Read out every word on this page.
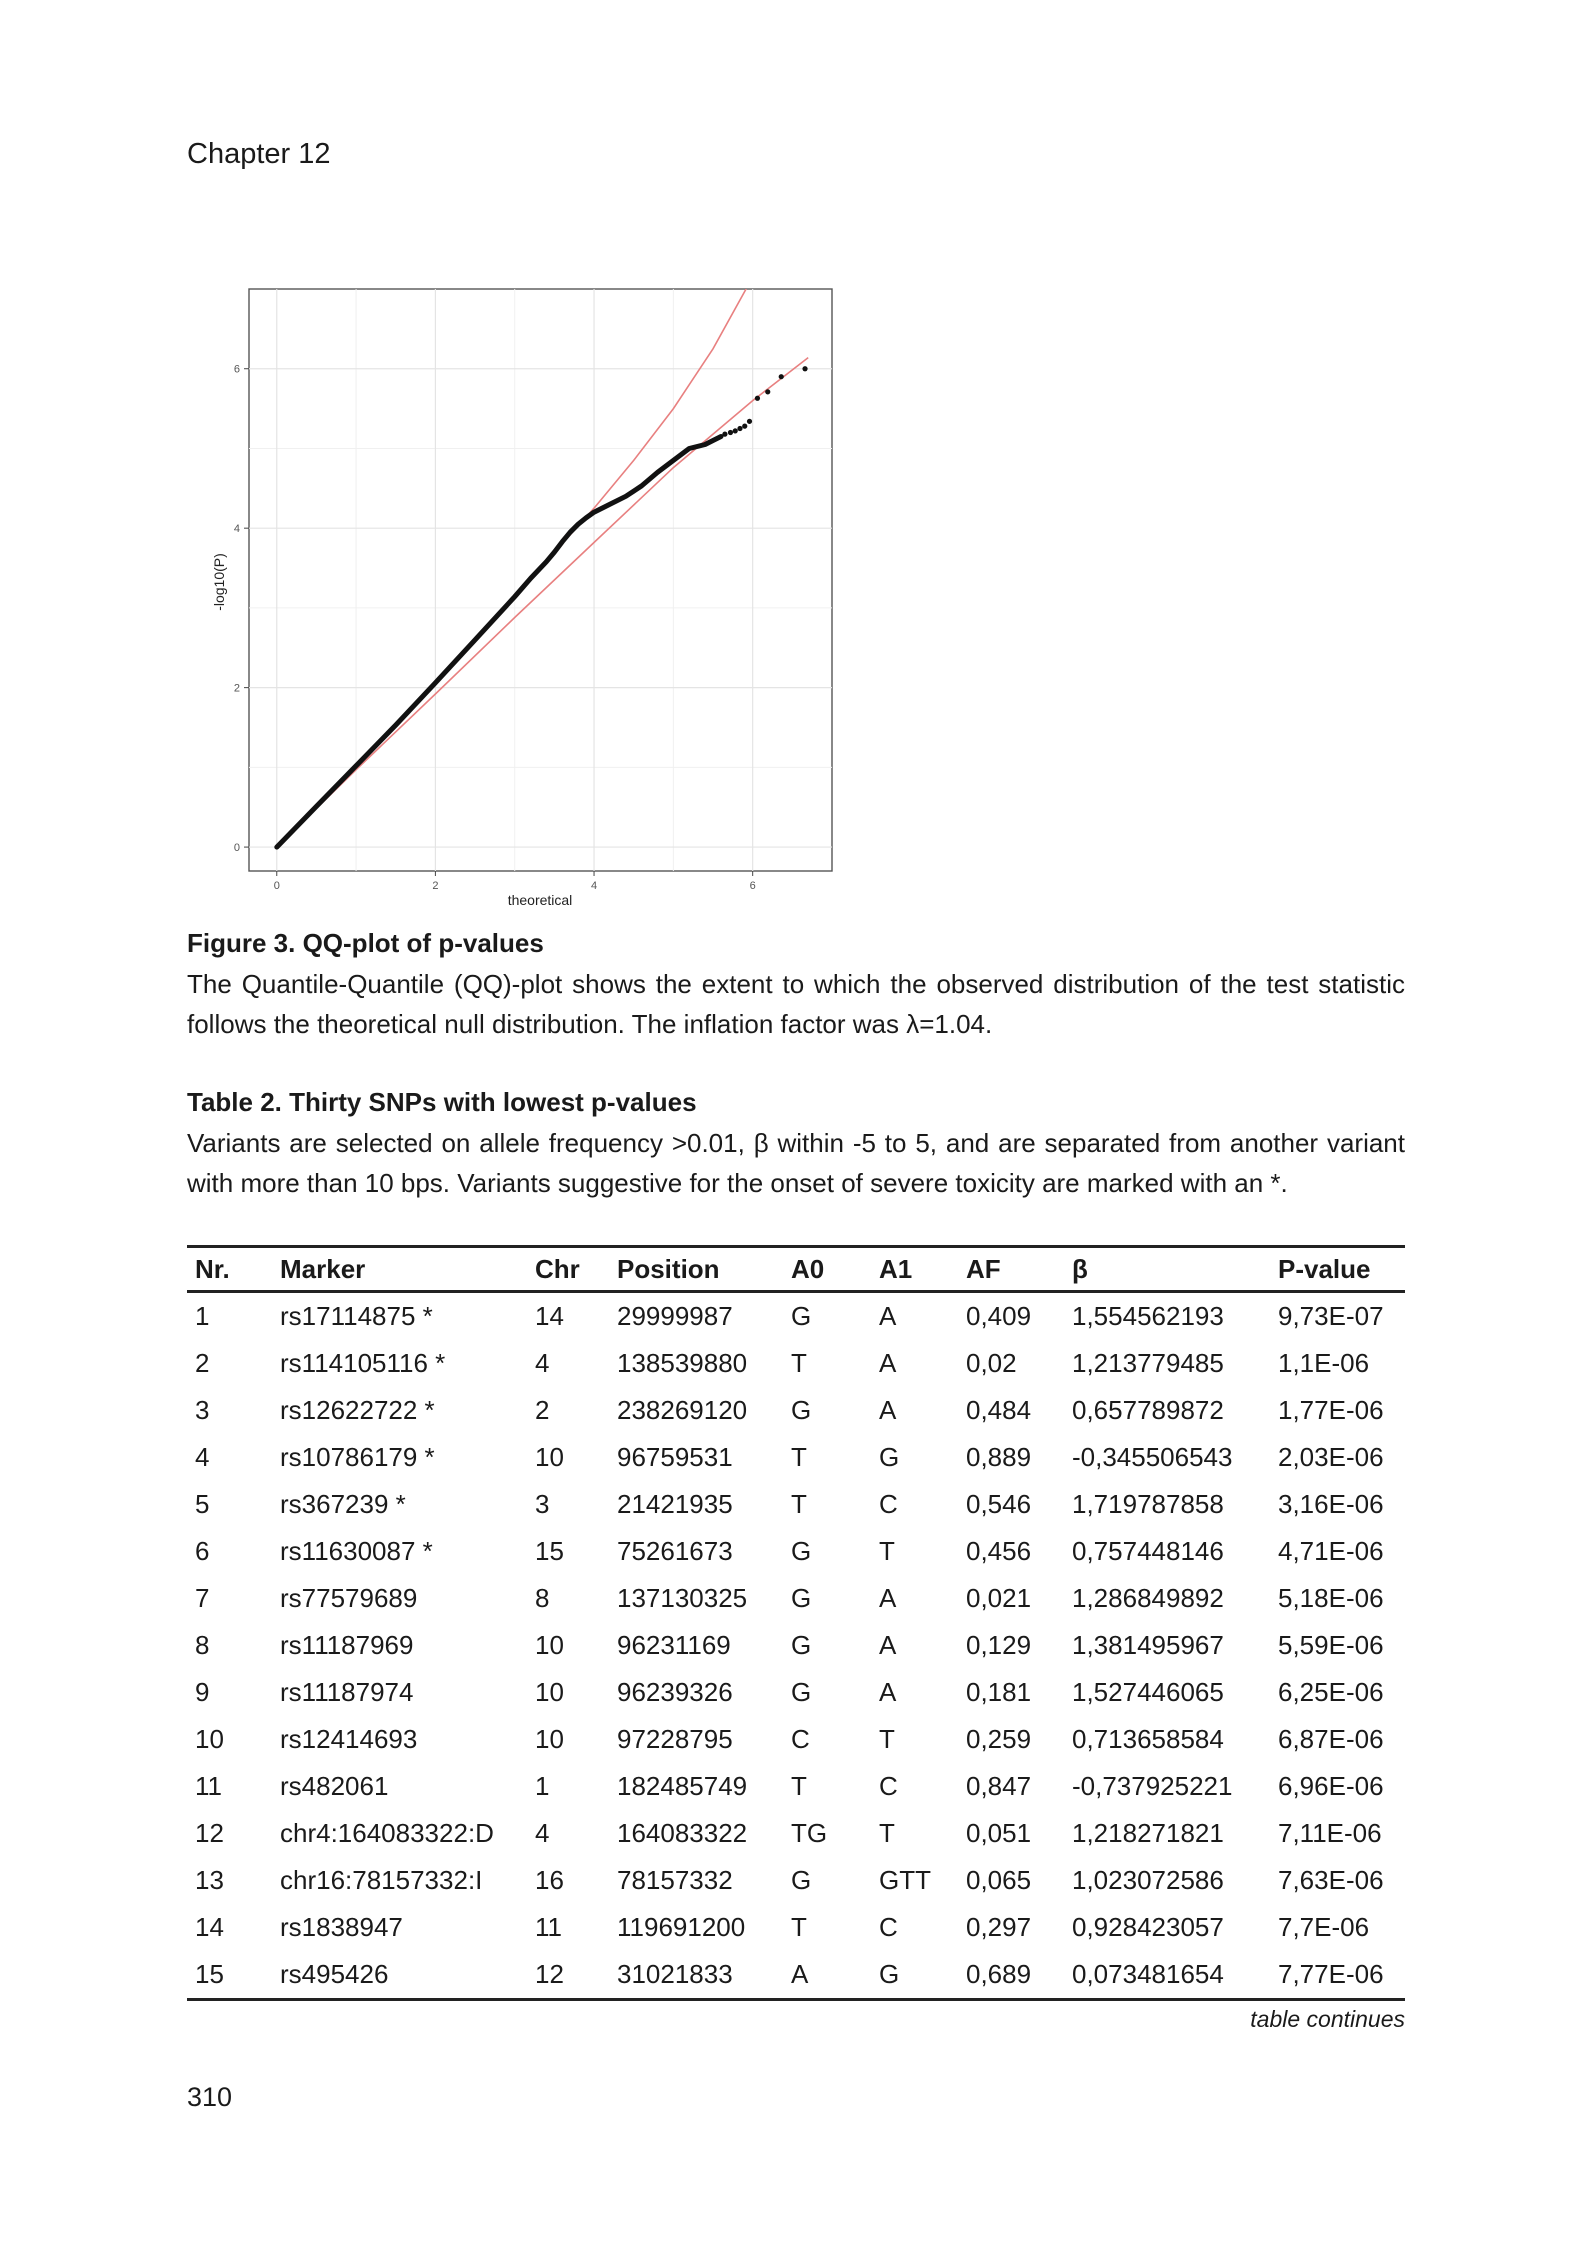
Chapter 12
0	2	4	6
0
2
4
6
theoretical
-log10(P)
Figure 3. QQ-plot of p-values
The Quantile-Quantile (QQ)-plot shows the extent to which the observed distribution of the test statistic follows the theoretical null distribution. The inflation factor was λ=1.04.
Table 2. Thirty SNPs with lowest p-values
Variants are selected on allele frequency >0.01, β within -5 to 5, and are separated from another variant with more than 10 bps. Variants suggestive for the onset of severe toxicity are marked with an *.
Nr.	Marker	Chr	Position	A0	A1	AF	β	P-value
1	rs17114875 *	14	29999987	G	A	0,409	1,554562193	9,73E-07
2	rs114105116 *	4	138539880	T	A	0,02	1,213779485	1,1E-06
3	rs12622722 *	2	238269120	G	A	0,484	0,657789872	1,77E-06
4	rs10786179 *	10	96759531	T	G	0,889	-0,345506543	2,03E-06
5	rs367239 *	3	21421935	T	C	0,546	1,719787858	3,16E-06
6	rs11630087 *	15	75261673	G	T	0,456	0,757448146	4,71E-06
7	rs77579689	8	137130325	G	A	0,021	1,286849892	5,18E-06
8	rs11187969	10	96231169	G	A	0,129	1,381495967	5,59E-06
9	rs11187974	10	96239326	G	A	0,181	1,527446065	6,25E-06
10	rs12414693	10	97228795	C	T	0,259	0,713658584	6,87E-06
11	rs482061	1	182485749	T	C	0,847	-0,737925221	6,96E-06
12	chr4:164083322:D	4	164083322	TG	T	0,051	1,218271821	7,11E-06
13	chr16:78157332:I	16	78157332	G	GTT	0,065	1,023072586	7,63E-06
14	rs1838947	11	119691200	T	C	0,297	0,928423057	7,7E-06
15	rs495426	12	31021833	A	G	0,689	0,073481654	7,77E-06
table continues
310
